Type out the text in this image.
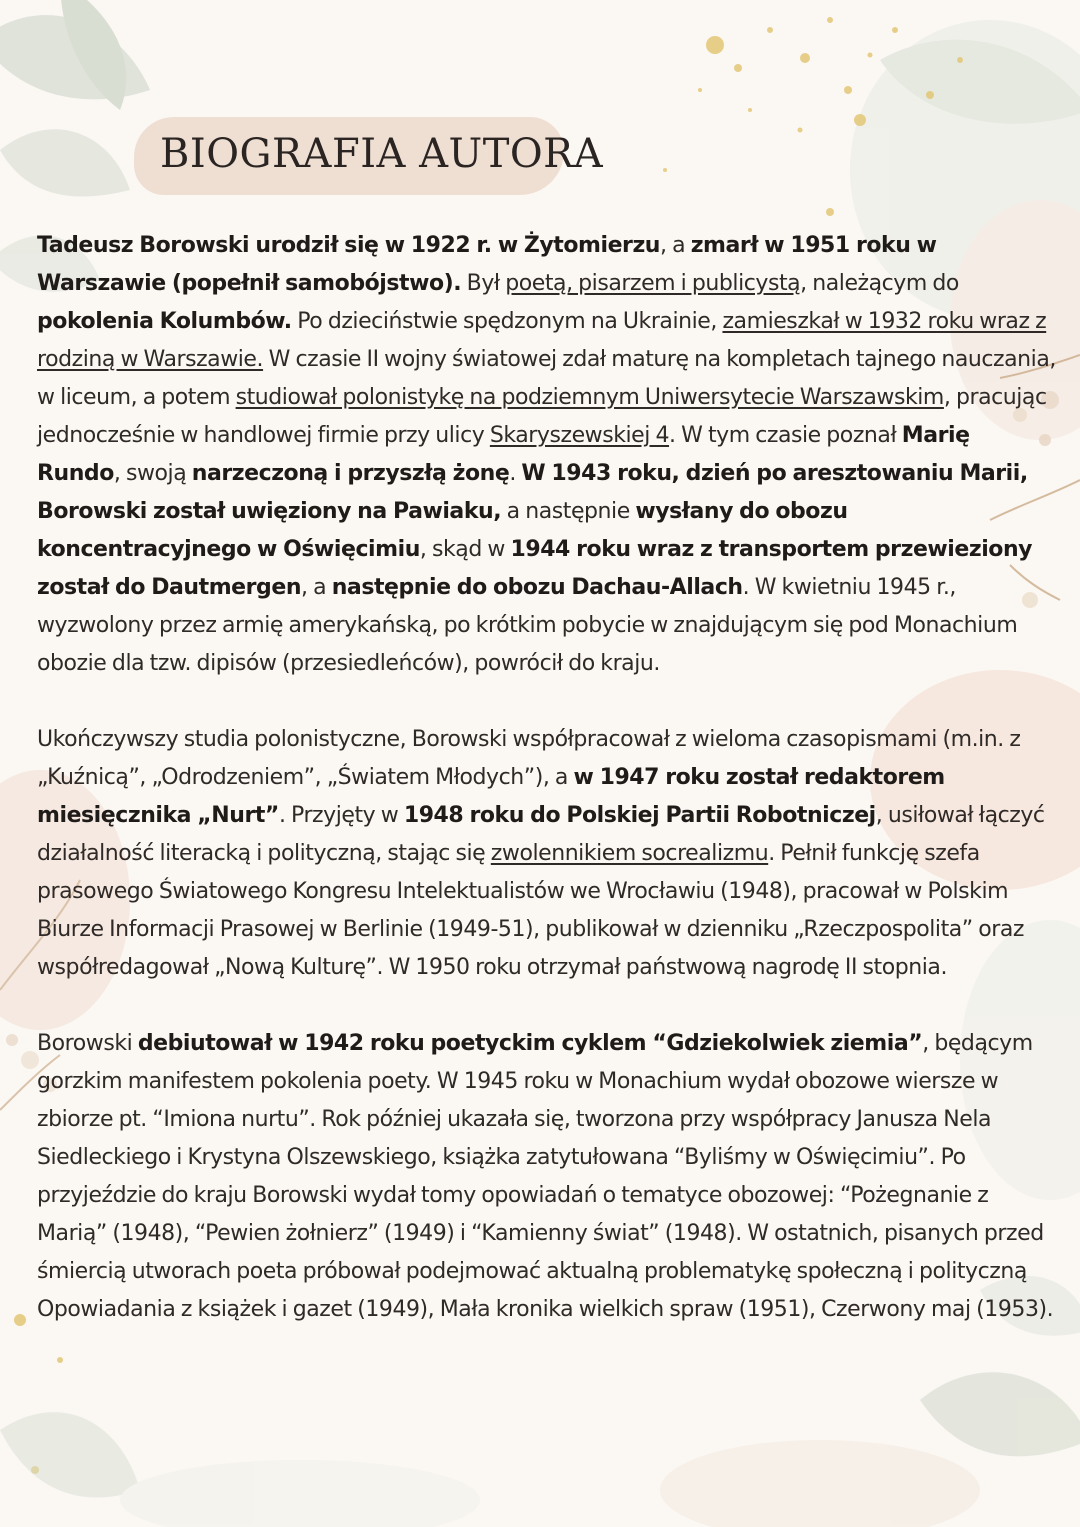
BIOGRAFIA AUTORA

Tadeusz Borowski urodził się w 1922 r. w Żytomierzu, a zmarł w 1951 roku w Warszawie (popełnił samobójstwo). Był poetą, pisarzem i publicystą, należącym do pokolenia Kolumbów. Po dzieciństwie spędzonym na Ukrainie, zamieszkał w 1932 roku wraz z rodziną w Warszawie. W czasie II wojny światowej zdał maturę na kompletach tajnego nauczania, w liceum, a potem studiował polonistykę na podziemnym Uniwersytecie Warszawskim, pracując jednocześnie w handlowej firmie przy ulicy Skaryszewskiej 4. W tym czasie poznał Marię Rundo, swoją narzeczoną i przyszłą żonę. W 1943 roku, dzień po aresztowaniu Marii, Borowski został uwięziony na Pawiaku, a następnie wysłany do obozu koncentracyjnego w Oświęcimiu, skąd w 1944 roku wraz z transportem przewieziony został do Dautmergen, a następnie do obozu Dachau-Allach. W kwietniu 1945 r., wyzwolony przez armię amerykańską, po krótkim pobycie w znajdującym się pod Monachium obozie dla tzw. dipisów (przesiedleńców), powrócił do kraju.

Ukończywszy studia polonistyczne, Borowski współpracował z wieloma czasopismami (m.in. z „Kuźnicą”, „Odrodzeniem”, „Światem Młodych”), a w 1947 roku został redaktorem miesięcznika „Nurt”. Przyjęty w 1948 roku do Polskiej Partii Robotniczej, usiłował łączyć działalność literacką i polityczną, stając się zwolennikiem socrealizmu. Pełnił funkcję szefa prasowego Światowego Kongresu Intelektualistów we Wrocławiu (1948), pracował w Polskim Biurze Informacji Prasowej w Berlinie (1949-51), publikował w dzienniku „Rzeczpospolita” oraz współredagował „Nową Kulturę”. W 1950 roku otrzymał państwową nagrodę II stopnia.

Borowski debiutował w 1942 roku poetyckim cyklem “Gdziekolwiek ziemia”, będącym gorzkim manifestem pokolenia poety. W 1945 roku w Monachium wydał obozowe wiersze w zbiorze pt. “Imiona nurtu”. Rok później ukazała się, tworzona przy współpracy Janusza Nela Siedleckiego i Krystyna Olszewskiego, książka zatytułowana “Byliśmy w Oświęcimiu”. Po przyjeździe do kraju Borowski wydał tomy opowiadań o tematyce obozowej: “Pożegnanie z Marią” (1948), “Pewien żołnierz” (1949) i “Kamienny świat” (1948). W ostatnich, pisanych przed śmiercią utworach poeta próbował podejmować aktualną problematykę społeczną i polityczną Opowiadania z książek i gazet (1949), Mała kronika wielkich spraw (1951), Czerwony maj (1953).
